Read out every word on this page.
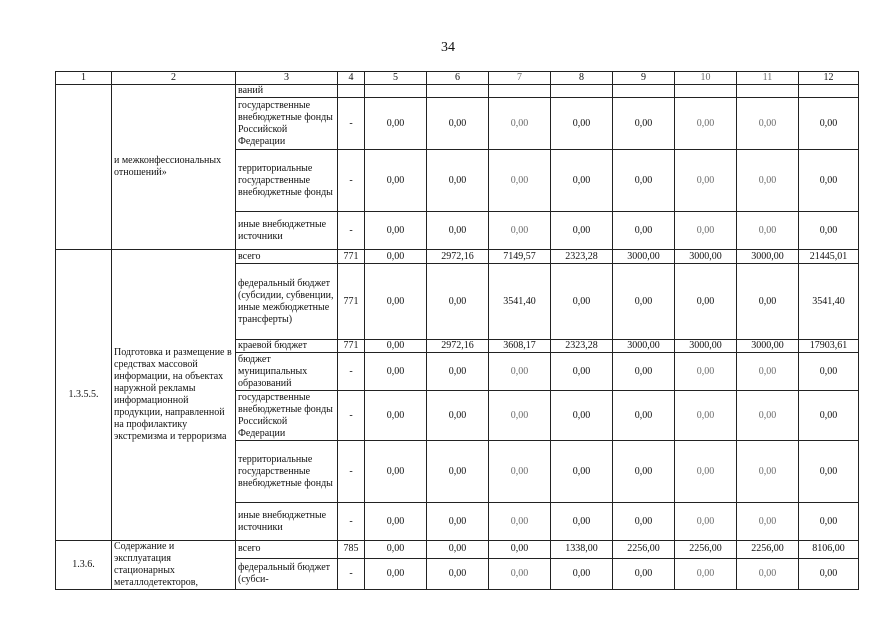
34
1	2	3	4	5	6	7	8	9	10	11	12
	и межконфессиональных отношений»	ваний									
		государственные внебюджетные фонды Российской Федерации	-	0,00	0,00	0,00	0,00	0,00	0,00	0,00	0,00
		территориальные государственные внебюджетные фонды	-	0,00	0,00	0,00	0,00	0,00	0,00	0,00	0,00
		иные внебюджетные источники	-	0,00	0,00	0,00	0,00	0,00	0,00	0,00	0,00
1.3.5.5.	Подготовка и размещение в средствах массовой информации, на объектах наружной рекламы информационной продукции, направленной на профилактику экстремизма и терроризма	всего	771	0,00	2972,16	7149,57	2323,28	3000,00	3000,00	3000,00	21445,01
		федеральный бюджет (субсидии, субвенции, иные межбюджетные трансферты)	771	0,00	0,00	3541,40	0,00	0,00	0,00	0,00	3541,40
		краевой бюджет	771	0,00	2972,16	3608,17	2323,28	3000,00	3000,00	3000,00	17903,61
		бюджет муниципальных образований	-	0,00	0,00	0,00	0,00	0,00	0,00	0,00	0,00
		государственные внебюджетные фонды Российской Федерации	-	0,00	0,00	0,00	0,00	0,00	0,00	0,00	0,00
		территориальные государственные внебюджетные фонды	-	0,00	0,00	0,00	0,00	0,00	0,00	0,00	0,00
		иные внебюджетные источники	-	0,00	0,00	0,00	0,00	0,00	0,00	0,00	0,00
1.3.6.	Содержание и эксплуатация стационарных металлодетекторов,	всего	785	0,00	0,00	0,00	1338,00	2256,00	2256,00	2256,00	8106,00
		федеральный бюджет (субси-	-	0,00	0,00	0,00	0,00	0,00	0,00	0,00	0,00
